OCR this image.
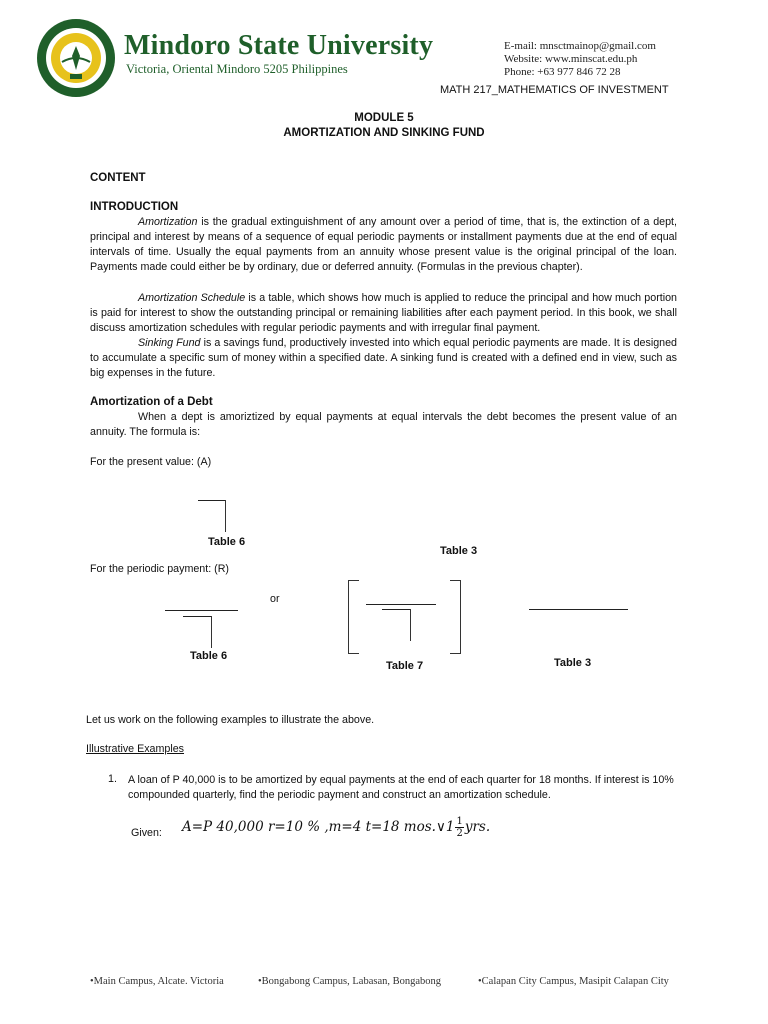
Mindoro State University
Victoria, Oriental Mindoro 5205 Philippines
E-mail: mnsctmainop@gmail.com
Website: www.minscat.edu.ph
Phone: +63 977 846 72 28
MATH 217_MATHEMATICS OF INVESTMENT
MODULE 5
AMORTIZATION AND SINKING FUND
CONTENT
INTRODUCTION
Amortization is the gradual extinguishment of any amount over a period of time, that is, the extinction of a dept, principal and interest by means of a sequence of equal periodic payments or installment payments due at the end of equal intervals of time. Usually the equal payments from an annuity whose present value is the original principal of the loan. Payments made could either be by ordinary, due or deferred annuity. (Formulas in the previous chapter).
Amortization Schedule is a table, which shows how much is applied to reduce the principal and how much portion is paid for interest to show the outstanding principal or remaining liabilities after each payment period. In this book, we shall discuss amortization schedules with regular periodic payments and with irregular final payment.
Sinking Fund is a savings fund, productively invested into which equal periodic payments are made. It is designed to accumulate a specific sum of money within a specified date. A sinking fund is created with a defined end in view, such as big expenses in the future.
Amortization of a Debt
When a dept is amoriztized by equal payments at equal intervals the debt becomes the present value of an annuity. The formula is:
For the present value: (A)
Table 6
Table 3
For the periodic payment: (R)
or
Table 6
Table 7	Table 3
Let us work on the following examples to illustrate the above.
Illustrative Examples
1. A loan of P 40,000 is to be amortized by equal payments at the end of each quarter for 18 months. If interest is 10% compounded quarterly, find the periodic payment and construct an amortization schedule.
Given: A=P 40,000 r=10 % ,m=4 t=18 mos.∨1 $\frac{1}{2}$ yrs.
•Main Campus, Alcate. Victoria	•Bongabong Campus, Labasan, Bongabong	•Calapan City Campus, Masipit Calapan City
